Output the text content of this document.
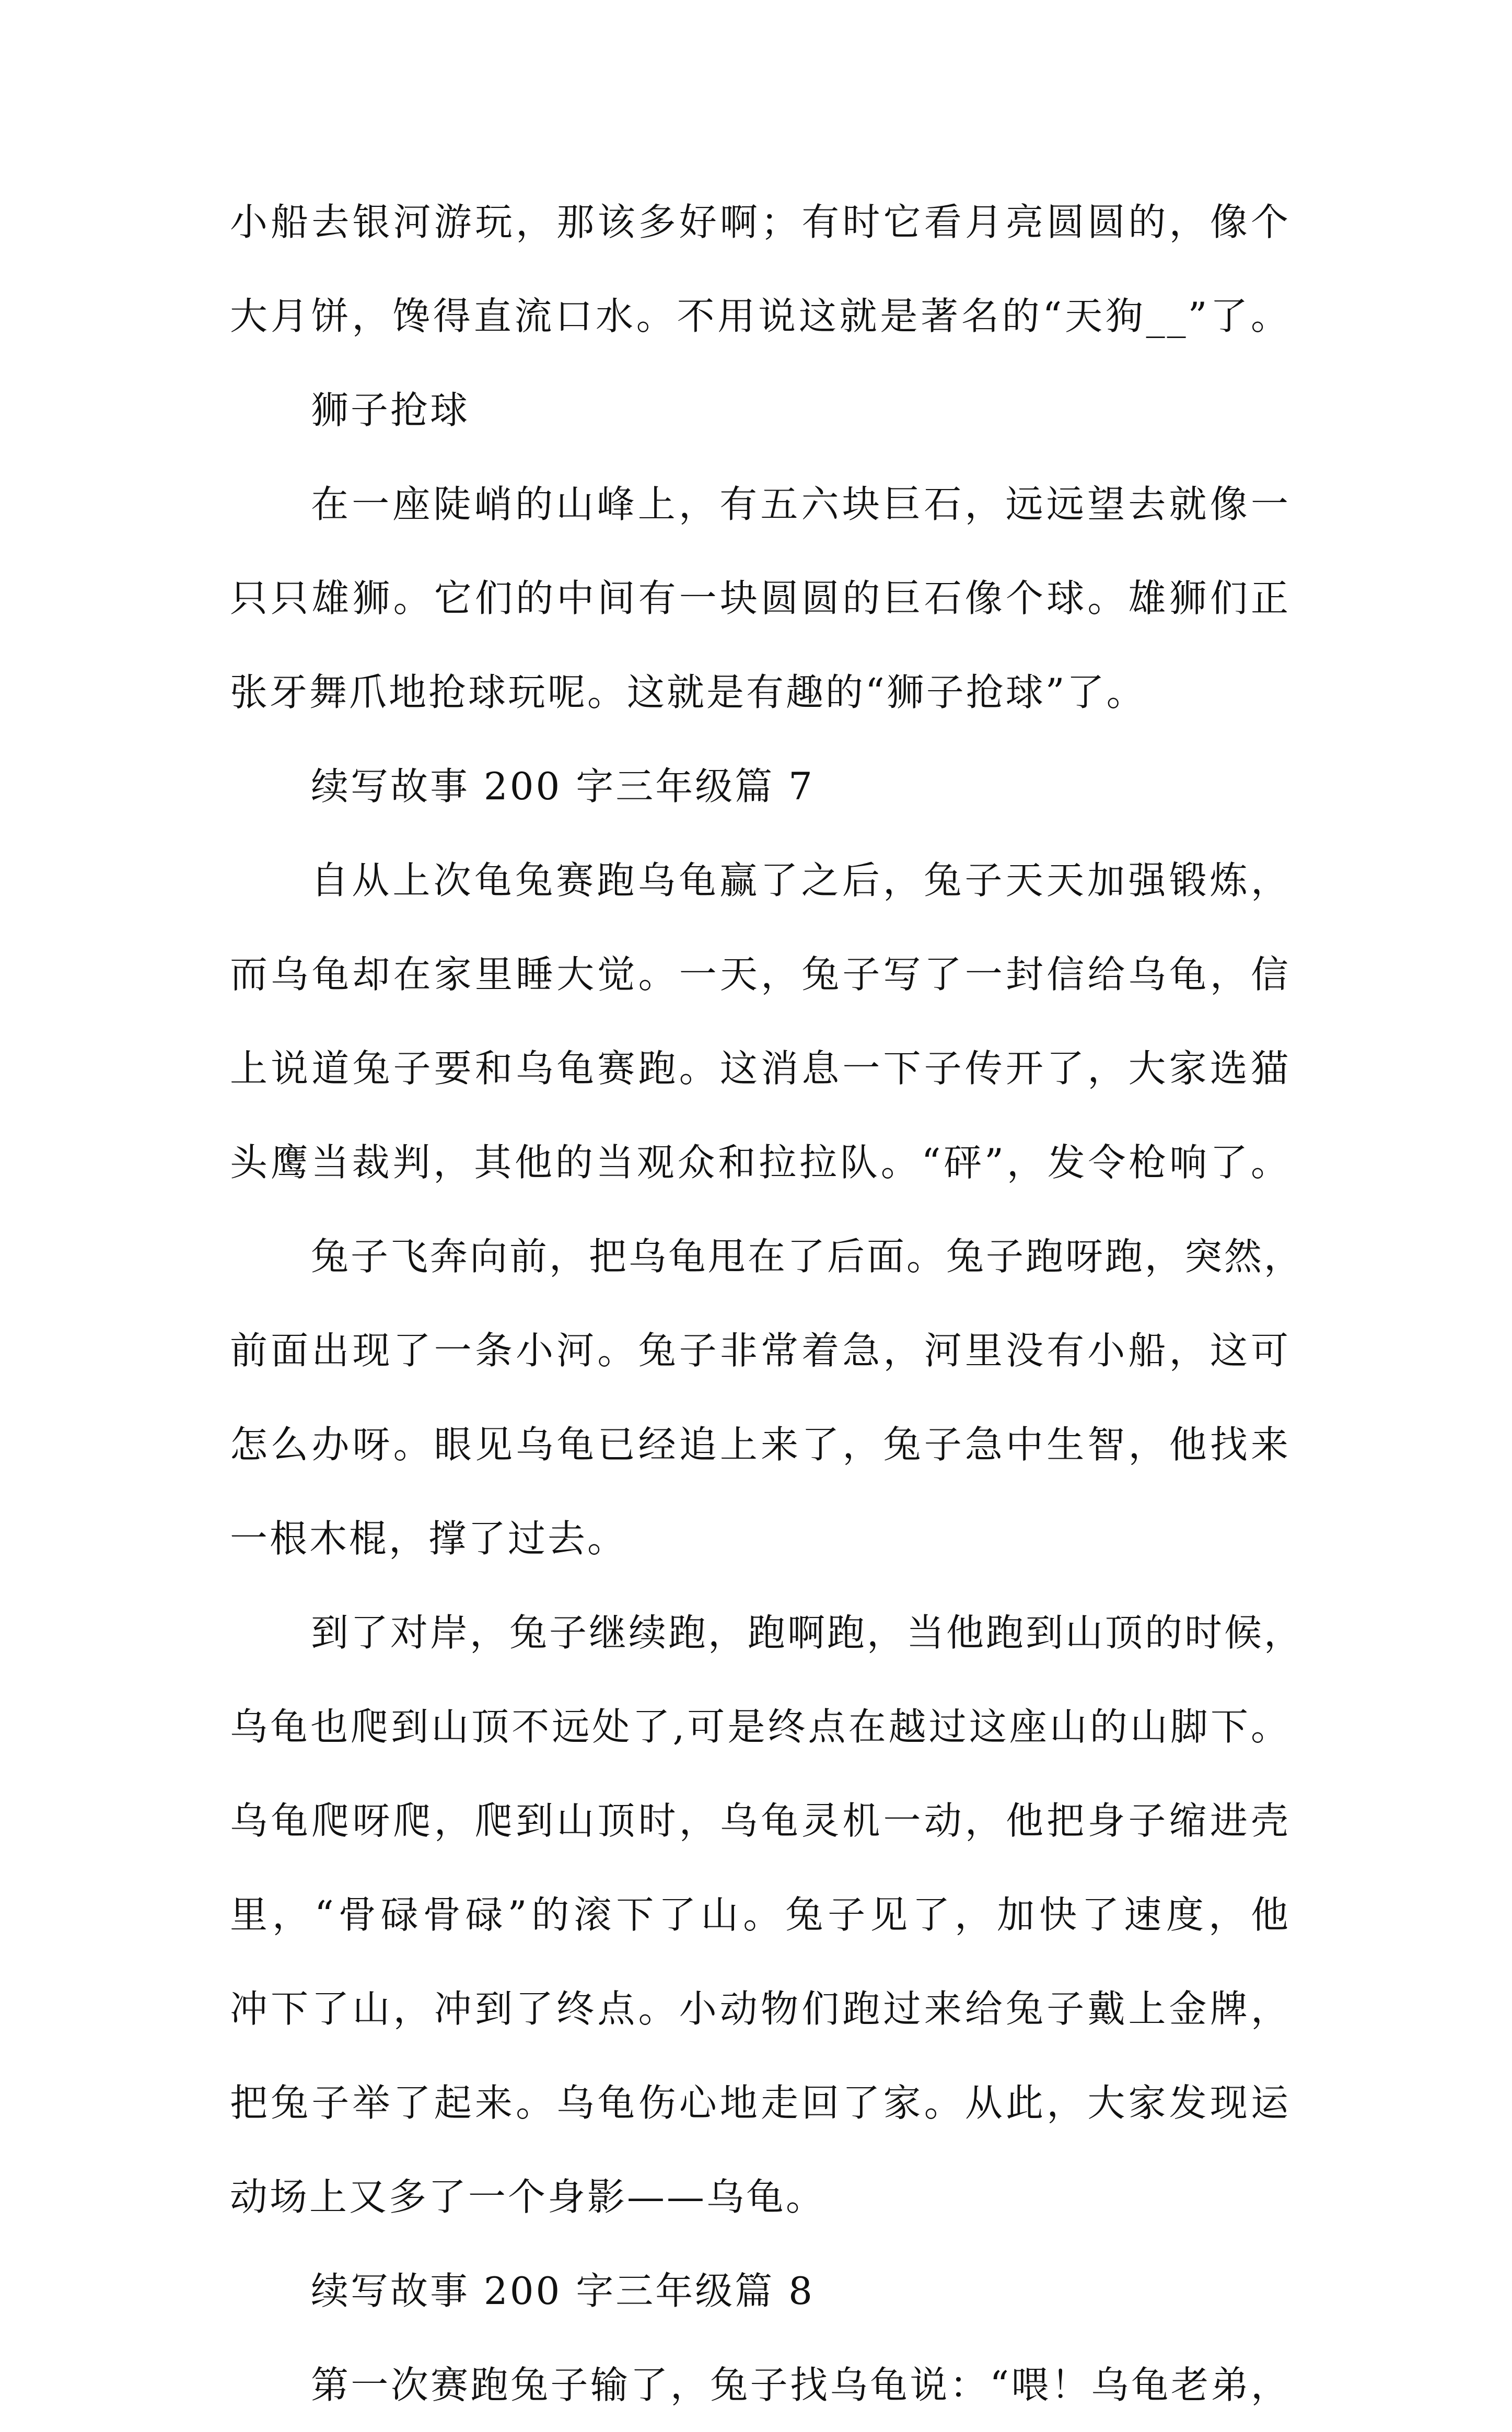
小船去银河游玩，那该多好啊；有时它看月亮圆圆的，像个
大月饼，馋得直流口水。不用说这就是著名的“天狗__”了。
狮子抢球
在一座陡峭的山峰上，有五六块巨石，远远望去就像一
只只雄狮。它们的中间有一块圆圆的巨石像个球。雄狮们正
张牙舞爪地抢球玩呢。这就是有趣的“狮子抢球”了。
续写故事 200 字三年级篇 7
自从上次龟兔赛跑乌龟赢了之后，兔子天天加强锻炼，
而乌龟却在家里睡大觉。一天，兔子写了一封信给乌龟，信
上说道兔子要和乌龟赛跑。这消息一下子传开了，大家选猫
头鹰当裁判，其他的当观众和拉拉队。“砰”，发令枪响了。
兔子飞奔向前，把乌龟甩在了后面。兔子跑呀跑，突然，
前面出现了一条小河。兔子非常着急，河里没有小船，这可
怎么办呀。眼见乌龟已经追上来了，兔子急中生智，他找来
一根木棍，撑了过去。
到了对岸，兔子继续跑，跑啊跑，当他跑到山顶的时候，
乌龟也爬到山顶不远处了,可是终点在越过这座山的山脚下。
乌龟爬呀爬，爬到山顶时，乌龟灵机一动，他把身子缩进壳
里，“骨碌骨碌”的滚下了山。兔子见了，加快了速度，他
冲下了山，冲到了终点。小动物们跑过来给兔子戴上金牌，
把兔子举了起来。乌龟伤心地走回了家。从此，大家发现运
动场上又多了一个身影——乌龟。
续写故事 200 字三年级篇 8
第一次赛跑兔子输了，兔子找乌龟说：“喂！乌龟老弟，
